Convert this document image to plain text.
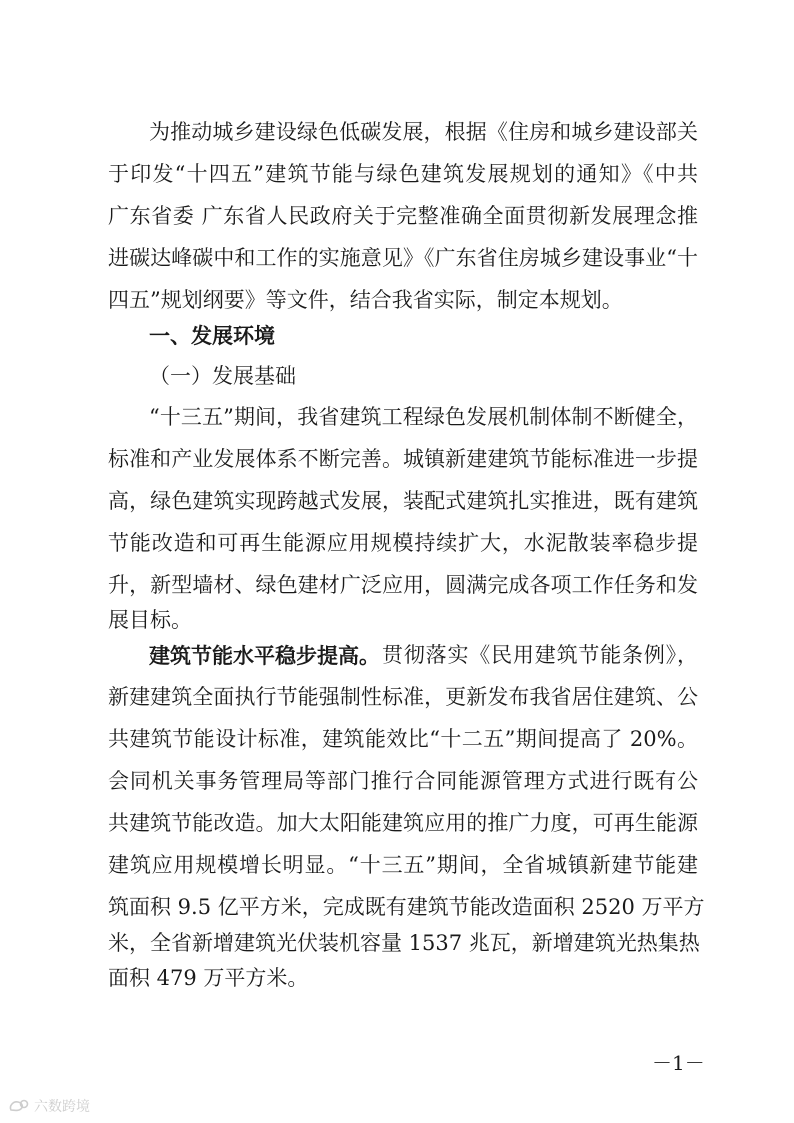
为推动城乡建设绿色低碳发展，根据《住房和城乡建设部关
于印发“十四五”建筑节能与绿色建筑发展规划的通知》《中共
广东省委 广东省人民政府关于完整准确全面贯彻新发展理念推
进碳达峰碳中和工作的实施意见》《广东省住房城乡建设事业“十
四五”规划纲要》等文件，结合我省实际，制定本规划。
一、发展环境
（一）发展基础
“十三五”期间，我省建筑工程绿色发展机制体制不断健全，
标准和产业发展体系不断完善。城镇新建建筑节能标准进一步提
高，绿色建筑实现跨越式发展，装配式建筑扎实推进，既有建筑
节能改造和可再生能源应用规模持续扩大，水泥散装率稳步提
升，新型墙材、绿色建材广泛应用，圆满完成各项工作任务和发
展目标。
建筑节能水平稳步提高。 贯彻落实《民用建筑节能条例》，
新建建筑全面执行节能强制性标准，更新发布我省居住建筑、公
共建筑节能设计标准，建筑能效比“十二五”期间提高了 20%。
会同机关事务管理局等部门推行合同能源管理方式进行既有公
共建筑节能改造。加大太阳能建筑应用的推广力度，可再生能源
建筑应用规模增长明显。“十三五”期间，全省城镇新建节能建
筑面积 9.5 亿平方米，完成既有建筑节能改造面积 2520 万平方
米，全省新增建筑光伏装机容量 1537 兆瓦，新增建筑光热集热
面积 479 万平方米。
－1－
六数跨境
